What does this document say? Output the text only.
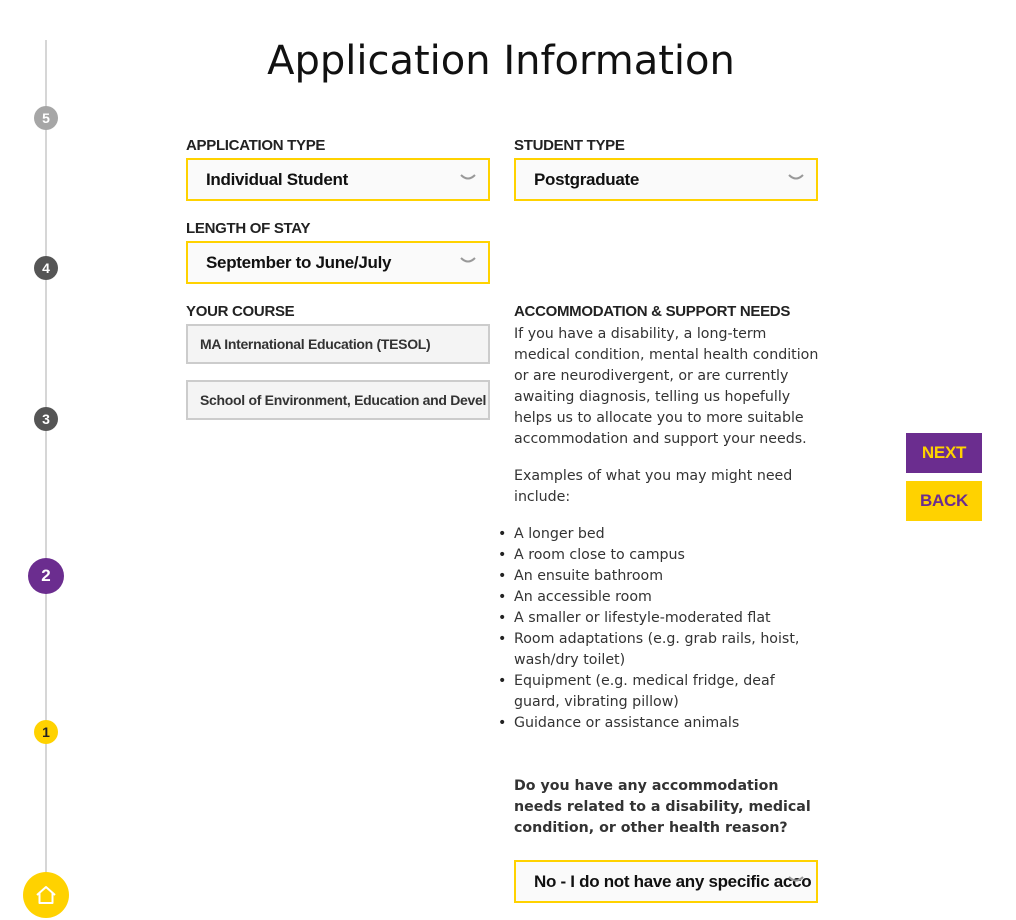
Application Information
5
4
3
2
1
APPLICATION TYPE
Individual Student
STUDENT TYPE
Postgraduate
LENGTH OF STAY
September to June/July
YOUR COURSE
MA International Education (TESOL)
School of Environment, Education and Devel
ACCOMMODATION & SUPPORT NEEDS

If you have a disability, a long-term medical condition, mental health condition or are neurodivergent, or are currently awaiting diagnosis, telling us hopefully helps us to allocate you to more suitable accommodation and support your needs.

Examples of what you may might need include:

• A longer bed
• A room close to campus
• An ensuite bathroom
• An accessible room
• A smaller or lifestyle-moderated flat
• Room adaptations (e.g. grab rails, hoist, wash/dry toilet)
• Equipment (e.g. medical fridge, deaf guard, vibrating pillow)
• Guidance or assistance animals

Do you have any accommodation needs related to a disability, medical condition, or other health reason?

No - I do not have any specific acco
NEXT
BACK
